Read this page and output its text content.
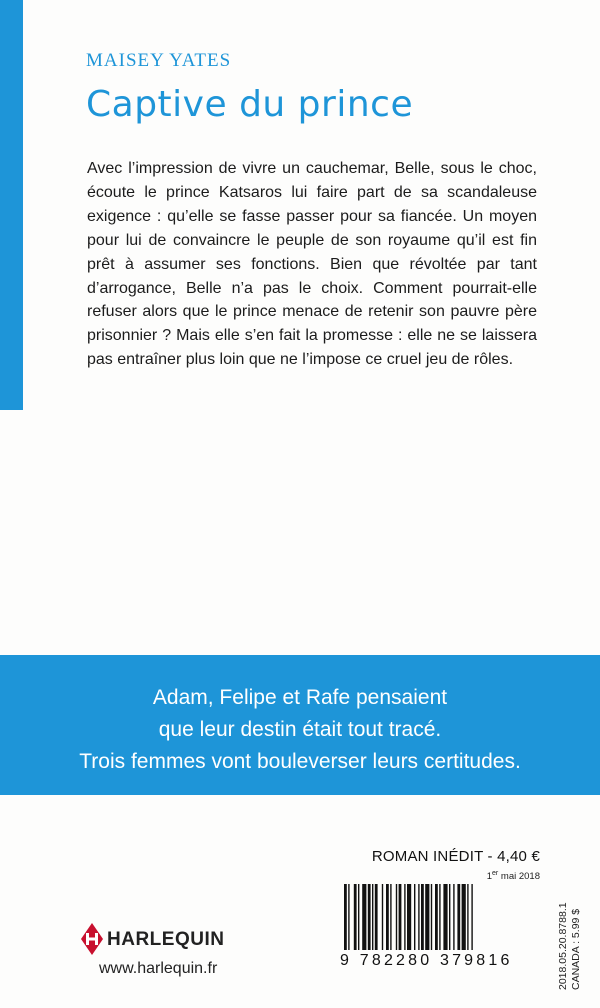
MAISEY YATES
Captive du prince

Avec l’impression de vivre un cauchemar, Belle, sous le choc, écoute le prince Katsaros lui faire part de sa scandaleuse exigence : qu’elle se fasse passer pour sa fiancée. Un moyen pour lui de convaincre le peuple de son royaume qu’il est fin prêt à assumer ses fonctions. Bien que révoltée par tant d’arrogance, Belle n’a pas le choix. Comment pourrait-elle refuser alors que le prince menace de retenir son pauvre père prisonnier ? Mais elle s’en fait la promesse : elle ne se laissera pas entraîner plus loin que ne l’impose ce cruel jeu de rôles.

Adam, Felipe et Rafe pensaient
que leur destin était tout tracé.
Trois femmes vont bouleverser leurs certitudes.
ROMAN INÉDIT - 4,40 €
1er mai 2018
9 782280 379816	2018.05.20.8788.1 CANADA : 5.99 $
HARLEQUIN
www.harlequin.fr
